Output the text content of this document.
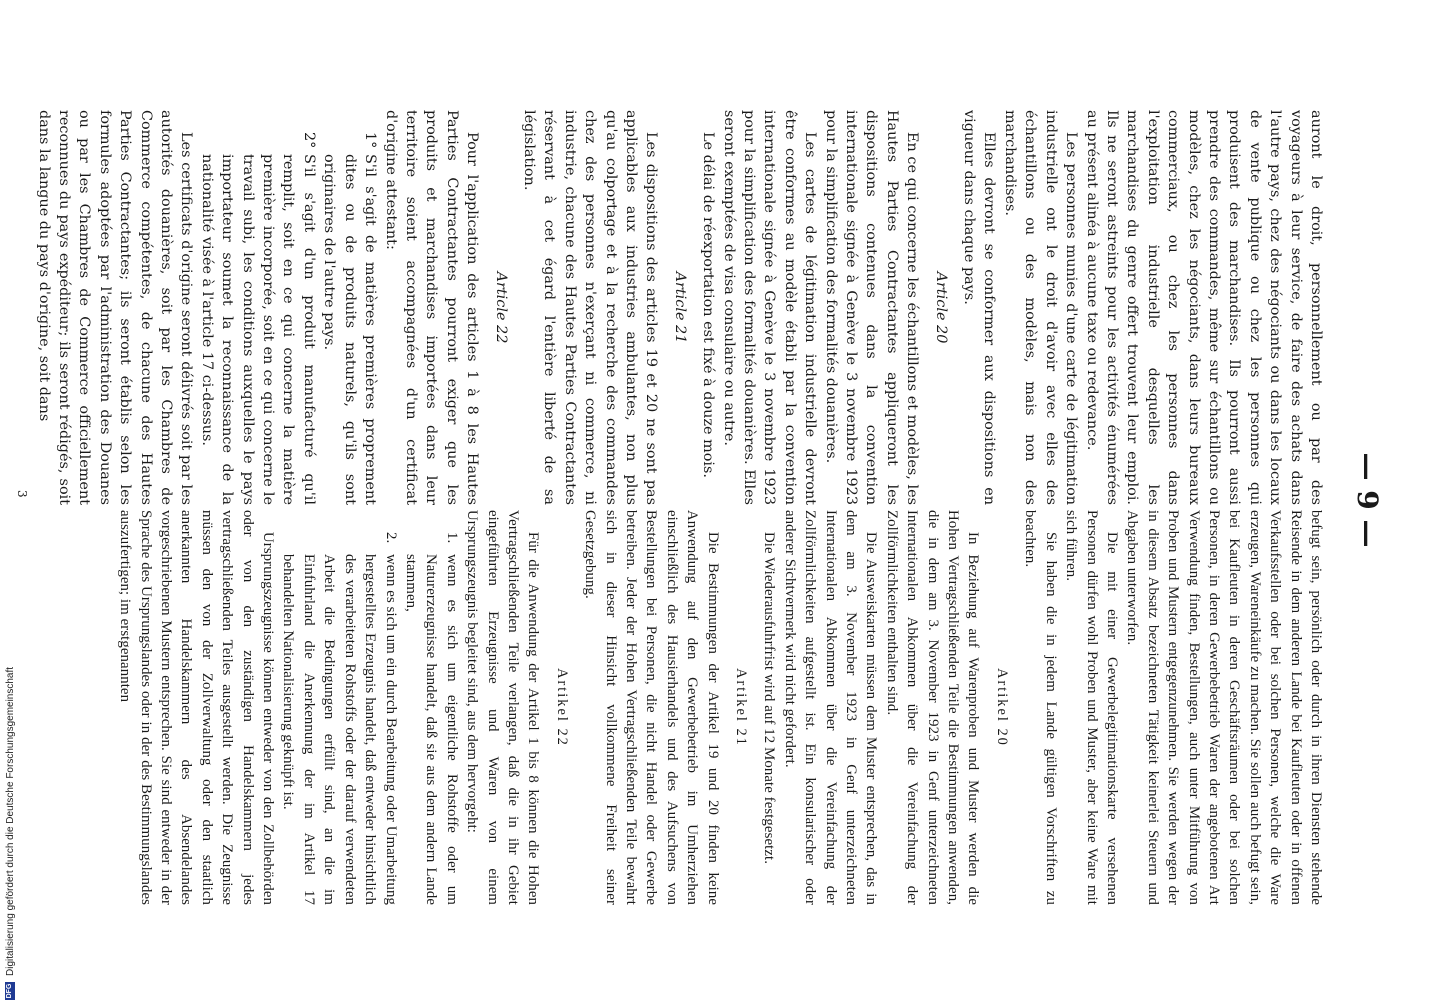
— 9 —

auront le droit, personnellement ou par des voyageurs à leur service, de faire des achats dans l'autre pays, chez des négociants ou dans les locaux de vente publique ou chez les personnes qui produisent des marchandises. Ils pourront aussi prendre des commandes, même sur échantillons ou modèles, chez les négociants, dans leurs bureaux commerciaux, ou chez les personnes dans l'exploitation industrielle desquelles les marchandises du genre offert trouvent leur emploi. Ils ne seront astreints pour les activités énumérées au présent alinéa à aucune taxe ou redevance.

Les personnes munies d'une carte de légitimation industrielle ont le droit d'avoir avec elles des échantillons ou des modèles, mais non des marchandises.

Elles devront se conformer aux dispositions en vigueur dans chaque pays.

Article 20

En ce qui concerne les échantillons et modèles, les Hautes Parties Contractantes appliqueront les dispositions contenues dans la convention internationale signée à Genève le 3 novembre 1923 pour la simplification des formalités douanières.

Les cartes de légitimation industrielle devront être conformes au modèle établi par la convention internationale signée à Genève le 3 novembre 1923 pour la simplification des formalités douanières. Elles seront exemptées de visa consulaire ou autre.

Le délai de réexportation est fixé à douze mois.

Article 21

Les dispositions des articles 19 et 20 ne sont pas applicables aux industries ambulantes, non plus qu'au colportage et à la recherche des commandes chez des personnes n'exerçant ni commerce, ni industrie, chacune des Hautes Parties Contractantes réservant à cet égard l'entière liberté de sa législation.

Article 22

Pour l'application des articles 1 à 8 les Hautes Parties Contractantes pourront exiger que les produits et marchandises importées dans leur territoire soient accompagnées d'un certificat d'origine attestant:

1°
S'il s'agit de matières premières proprement dites ou de produits naturels, qu'ils sont originaires de l'autre pays.
2°
S'il s'agit d'un produit manufacturé qu'il remplit, soit en ce qui concerne la matière première incorporée, soit en ce qui concerne le travail subi, les conditions auxquelles le pays importateur soumet la reconnaissance de la nationalité visée à l'article 17 ci-dessus.

Les certificats d'origine seront délivrés soit par les autorités douanières, soit par les Chambres de Commerce compétentes, de chacune des Hautes Parties Contractantes; ils seront établis selon les formules adoptées par l'administration des Douanes ou par les Chambres de Commerce officiellement reconnues du pays expéditeur; ils seront rédigés, soit dans la langue du pays d'origine, soit dans

befugt sein, persönlich oder durch in ihren Diensten stehende Reisende in dem anderen Lande bei Kaufleuten oder in offenen Verkaufsstellen oder bei solchen Personen, welche die Ware erzeugen, Wareneinkäufe zu machen. Sie sollen auch befugt sein, bei Kaufleuten in deren Geschäftsräumen oder bei solchen Personen, in deren Gewerbebetrieb Waren der angebotenen Art Verwendung finden, Bestellungen, auch unter Mitführung von Proben und Mustern entgegenzunehmen. Sie werden wegen der in diesem Absatz bezeichneten Tätigkeit keinerlei Steuern und Abgaben unterworfen.

Die mit einer Gewerbelegitimationskarte versehenen Personen dürfen wohl Proben und Muster, aber keine Ware mit sich führen.

Sie haben die in jedem Lande gültigen Vorschriften zu beachten.

Artikel 20

In Beziehung auf Warenproben und Muster werden die Hohen Vertragschließenden Teile die Bestimmungen anwenden, die in dem am 3. November 1923 in Genf unterzeichneten Internationalen Abkommen über die Vereinfachung der Zollförmlichkeiten enthalten sind.

Die Ausweiskarten müssen dem Muster entsprechen, das in dem am 3. November 1923 in Genf unterzeichneten Internationalen Abkommen über die Vereinfachung der Zollförmlichkeiten aufgestellt ist. Ein konsularischer oder anderer Sichtvermerk wird nicht gefordert.

Die Wiederausfuhrfrist wird auf 12 Monate festgesetzt.

Artikel 21

Die Bestimmungen der Artikel 19 und 20 finden keine Anwendung auf den Gewerbebetrieb im Umherziehen einschließlich des Hausierhandels und des Aufsuchens von Bestellungen bei Personen, die nicht Handel oder Gewerbe betreiben. Jeder der Hohen Vertragschließenden Teile bewahrt sich in dieser Hinsicht vollkommene Freiheit seiner Gesetzgebung.

Artikel 22

Für die Anwendung der Artikel 1 bis 8 können die Hohen Vertragschließenden Teile verlangen, daß die in ihr Gebiet eingeführten Erzeugnisse und Waren von einem Ursprungszeugnis begleitet sind, aus dem hervorgeht:

1.
wenn es sich um eigentliche Rohstoffe oder um Naturerzeugnisse handelt, daß sie aus dem andern Lande stammen,
2.
wenn es sich um ein durch Bearbeitung oder Umarbeitung hergestelltes Erzeugnis handelt, daß entweder hinsichtlich des verarbeiteten Rohstoffs oder der darauf verwendeten Arbeit die Bedingungen erfüllt sind, an die im Einfuhrland die Anerkennung der im Artikel 17 behandelten Nationalisierung geknüpft ist.

Ursprungszeugnisse können entweder von den Zollbehörden oder von den zuständigen Handelskammern jedes vertragschließenden Teiles ausgestellt werden. Die Zeugnisse müssen den von der Zollverwaltung oder den staatlich anerkannten Handelskammern des Absendelandes vorgeschriebenen Mustern entsprechen. Sie sind entweder in der Sprache des Ursprungslandes oder in der des Bestimmungslandes auszufertigen; im erstgenannten

3
DFGDigitalisierung gefördert durch die Deutsche Forschungsgemeinschaft
